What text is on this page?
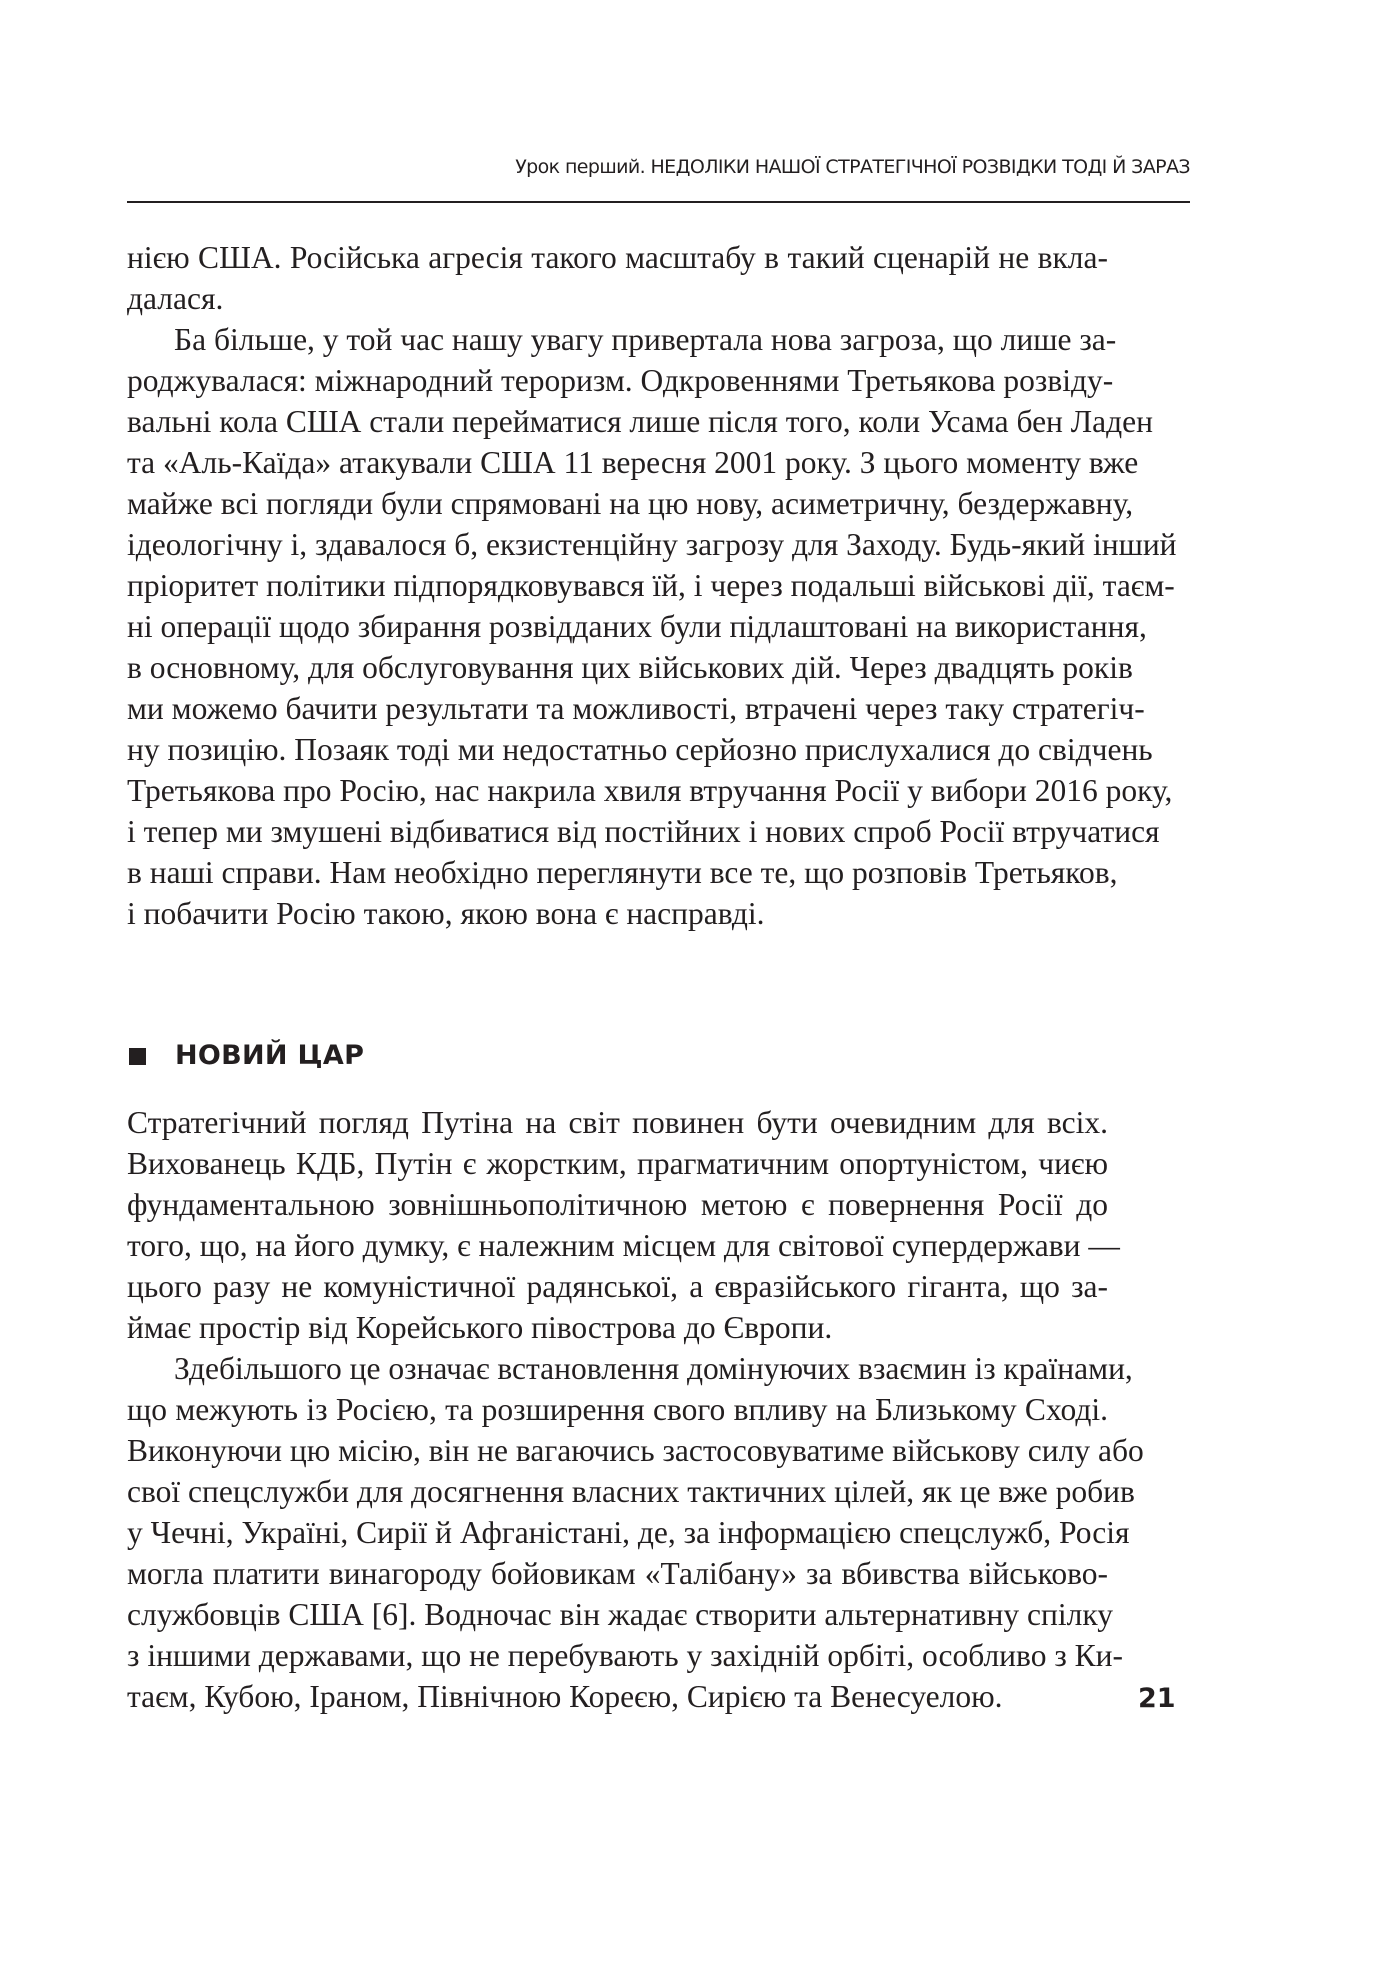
Урок перший. НЕДОЛІКИ НАШОЇ СТРАТЕГІЧНОЇ РОЗВІДКИ ТОДІ Й ЗАРАЗ
нією США. Російська агресія такого масштабу в такий сценарій не вкла-
далася.
Ба більше, у той час нашу увагу привертала нова загроза, що лише за-
роджувалася: міжнародний тероризм. Одкровеннями Третьякова розвіду-
вальні кола США стали перейматися лише після того, коли Усама бен Ладен
та «Аль-Каїда» атакували США 11 вересня 2001 року. З цього моменту вже
майже всі погляди були спрямовані на цю нову, асиметричну, бездержавну,
ідеологічну і, здавалося б, екзистенційну загрозу для Заходу. Будь-який інший
пріоритет політики підпорядковувався їй, і через подальші військові дії, таєм-
ні операції щодо збирання розвідданих були підлаштовані на використання,
в основному, для обслуговування цих військових дій. Через двадцять років
ми можемо бачити результати та можливості, втрачені через таку стратегіч-
ну позицію. Позаяк тоді ми недостатньо серйозно прислухалися до свідчень
Третьякова про Росію, нас накрила хвиля втручання Росії у вибори 2016 року,
і тепер ми змушені відбиватися від постійних і нових спроб Росії втручатися
в наші справи. Нам необхідно переглянути все те, що розповів Третьяков,
і побачити Росію такою, якою вона є насправді.
НОВИЙ ЦАР
Стратегічний погляд Путіна на світ повинен бути очевидним для всіх.
Вихованець КДБ, Путін є жорстким, прагматичним опортуністом, чиєю
фундаментальною зовнішньополітичною метою є повернення Росії до
того, що, на його думку, є належним місцем для світової супердержави —
цього разу не комуністичної радянської, а євразійського гіганта, що за-
ймає простір від Корейського півострова до Європи.
Здебільшого це означає встановлення домінуючих взаємин із країнами,
що межують із Росією, та розширення свого впливу на Близькому Сході.
Виконуючи цю місію, він не вагаючись застосовуватиме військову силу або
свої спецслужби для досягнення власних тактичних цілей, як це вже робив
у Чечні, Україні, Сирії й Афганістані, де, за інформацією спецслужб, Росія
могла платити винагороду бойовикам «Талібану» за вбивства військово-
службовців США [6]. Водночас він жадає створити альтернативну спілку
з іншими державами, що не перебувають у західній орбіті, особливо з Ки-
таєм, Кубою, Іраном, Північною Кореєю, Сирією та Венесуелою.	21
